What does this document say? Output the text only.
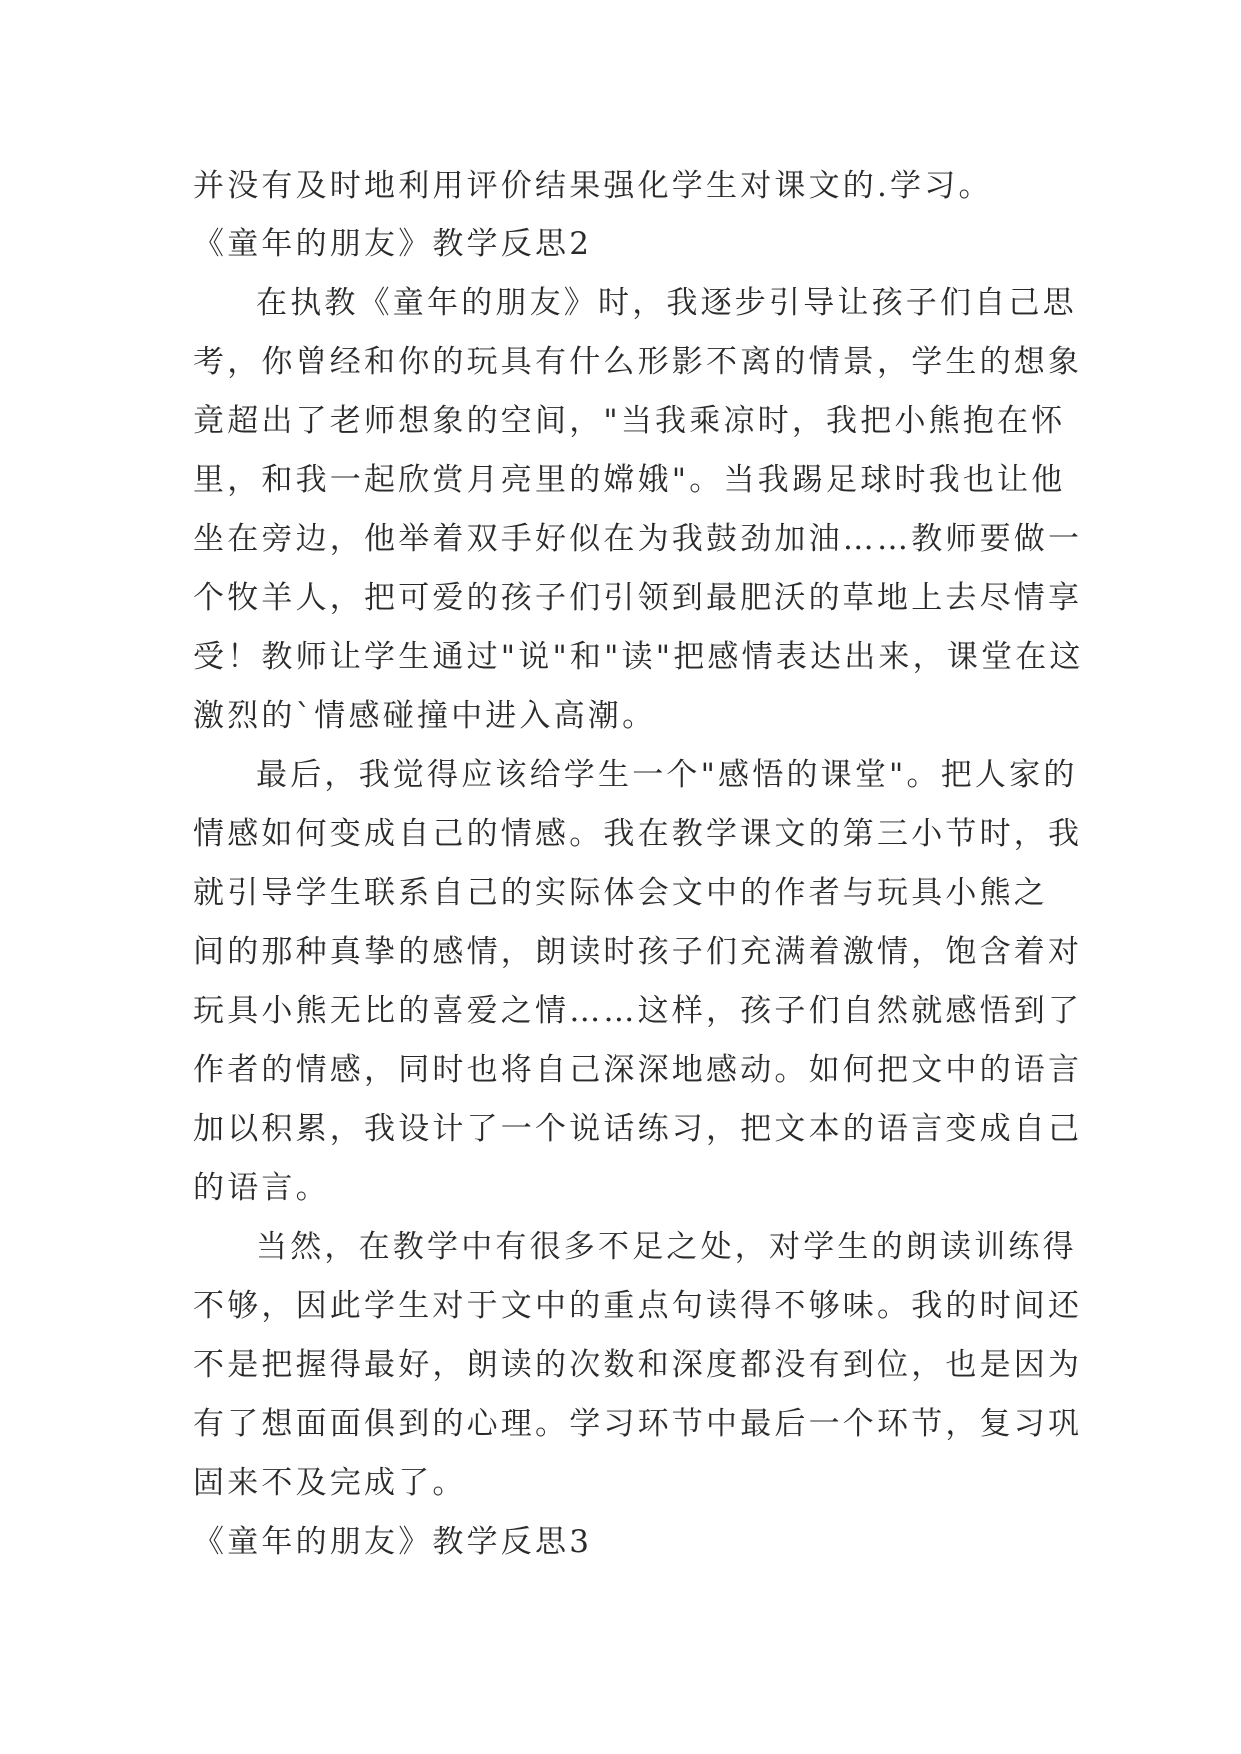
并没有及时地利用评价结果强化学生对课文的.学习。
《童年的朋友》教学反思2
在执教《童年的朋友》时，我逐步引导让孩子们自己思
考，你曾经和你的玩具有什么形影不离的情景，学生的想象
竟超出了老师想象的空间，"当我乘凉时，我把小熊抱在怀
里，和我一起欣赏月亮里的嫦娥"。当我踢足球时我也让他
坐在旁边，他举着双手好似在为我鼓劲加油……教师要做一
个牧羊人，把可爱的孩子们引领到最肥沃的草地上去尽情享
受！教师让学生通过"说"和"读"把感情表达出来，课堂在这
激烈的`情感碰撞中进入高潮。
最后，我觉得应该给学生一个"感悟的课堂"。把人家的
情感如何变成自己的情感。我在教学课文的第三小节时，我
就引导学生联系自己的实际体会文中的作者与玩具小熊之
间的那种真挚的感情，朗读时孩子们充满着激情，饱含着对
玩具小熊无比的喜爱之情……这样，孩子们自然就感悟到了
作者的情感，同时也将自己深深地感动。如何把文中的语言
加以积累，我设计了一个说话练习，把文本的语言变成自己
的语言。
当然，在教学中有很多不足之处，对学生的朗读训练得
不够，因此学生对于文中的重点句读得不够味。我的时间还
不是把握得最好，朗读的次数和深度都没有到位，也是因为
有了想面面俱到的心理。学习环节中最后一个环节，复习巩
固来不及完成了。
《童年的朋友》教学反思3
